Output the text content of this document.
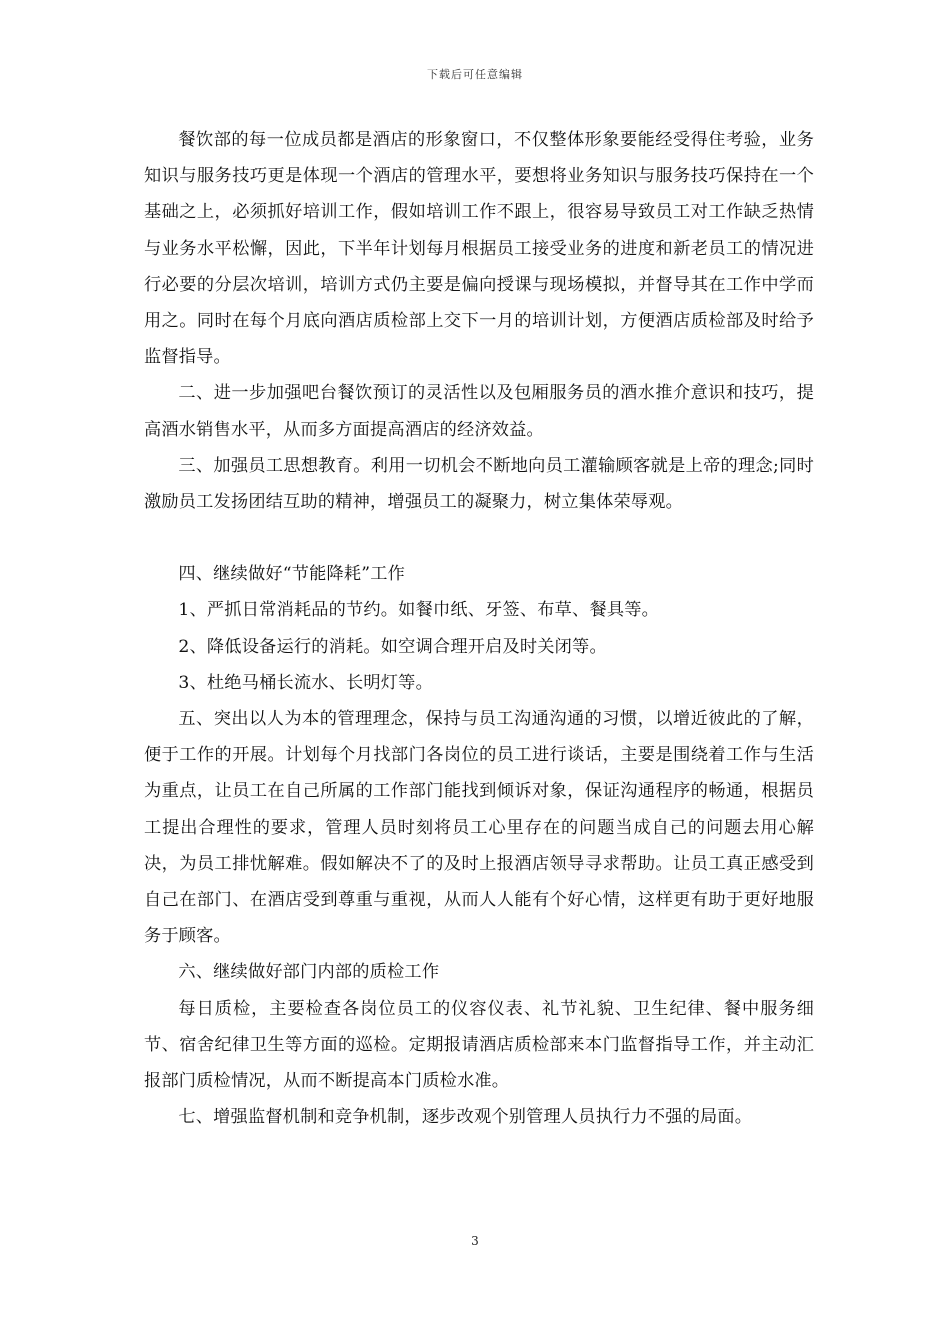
下载后可任意编辑

餐饮部的每一位成员都是酒店的形象窗口，不仅整体形象要能经受得住考验，业务知识与服务技巧更是体现一个酒店的管理水平，要想将业务知识与服务技巧保持在一个基础之上，必须抓好培训工作，假如培训工作不跟上，很容易导致员工对工作缺乏热情与业务水平松懈，因此，下半年计划每月根据员工接受业务的进度和新老员工的情况进行必要的分层次培训，培训方式仍主要是偏向授课与现场模拟，并督导其在工作中学而用之。同时在每个月底向酒店质检部上交下一月的培训计划，方便酒店质检部及时给予监督指导。

二、进一步加强吧台餐饮预订的灵活性以及包厢服务员的酒水推介意识和技巧，提高酒水销售水平，从而多方面提高酒店的经济效益。

三、加强员工思想教育。利用一切机会不断地向员工灌输顾客就是上帝的理念;同时激励员工发扬团结互助的精神，增强员工的凝聚力，树立集体荣辱观。

四、继续做好“节能降耗”工作

1、严抓日常消耗品的节约。如餐巾纸、牙签、布草、餐具等。

2、降低设备运行的消耗。如空调合理开启及时关闭等。

3、杜绝马桶长流水、长明灯等。

五、突出以人为本的管理理念，保持与员工沟通沟通的习惯，以增近彼此的了解，便于工作的开展。计划每个月找部门各岗位的员工进行谈话，主要是围绕着工作与生活为重点，让员工在自己所属的工作部门能找到倾诉对象，保证沟通程序的畅通，根据员工提出合理性的要求，管理人员时刻将员工心里存在的问题当成自己的问题去用心解决，为员工排忧解难。假如解决不了的及时上报酒店领导寻求帮助。让员工真正感受到自己在部门、在酒店受到尊重与重视，从而人人能有个好心情，这样更有助于更好地服务于顾客。

六、继续做好部门内部的质检工作

每日质检，主要检查各岗位员工的仪容仪表、礼节礼貌、卫生纪律、餐中服务细节、宿舍纪律卫生等方面的巡检。定期报请酒店质检部来本门监督指导工作，并主动汇报部门质检情况，从而不断提高本门质检水准。

七、增强监督机制和竞争机制，逐步改观个别管理人员执行力不强的局面。

3
